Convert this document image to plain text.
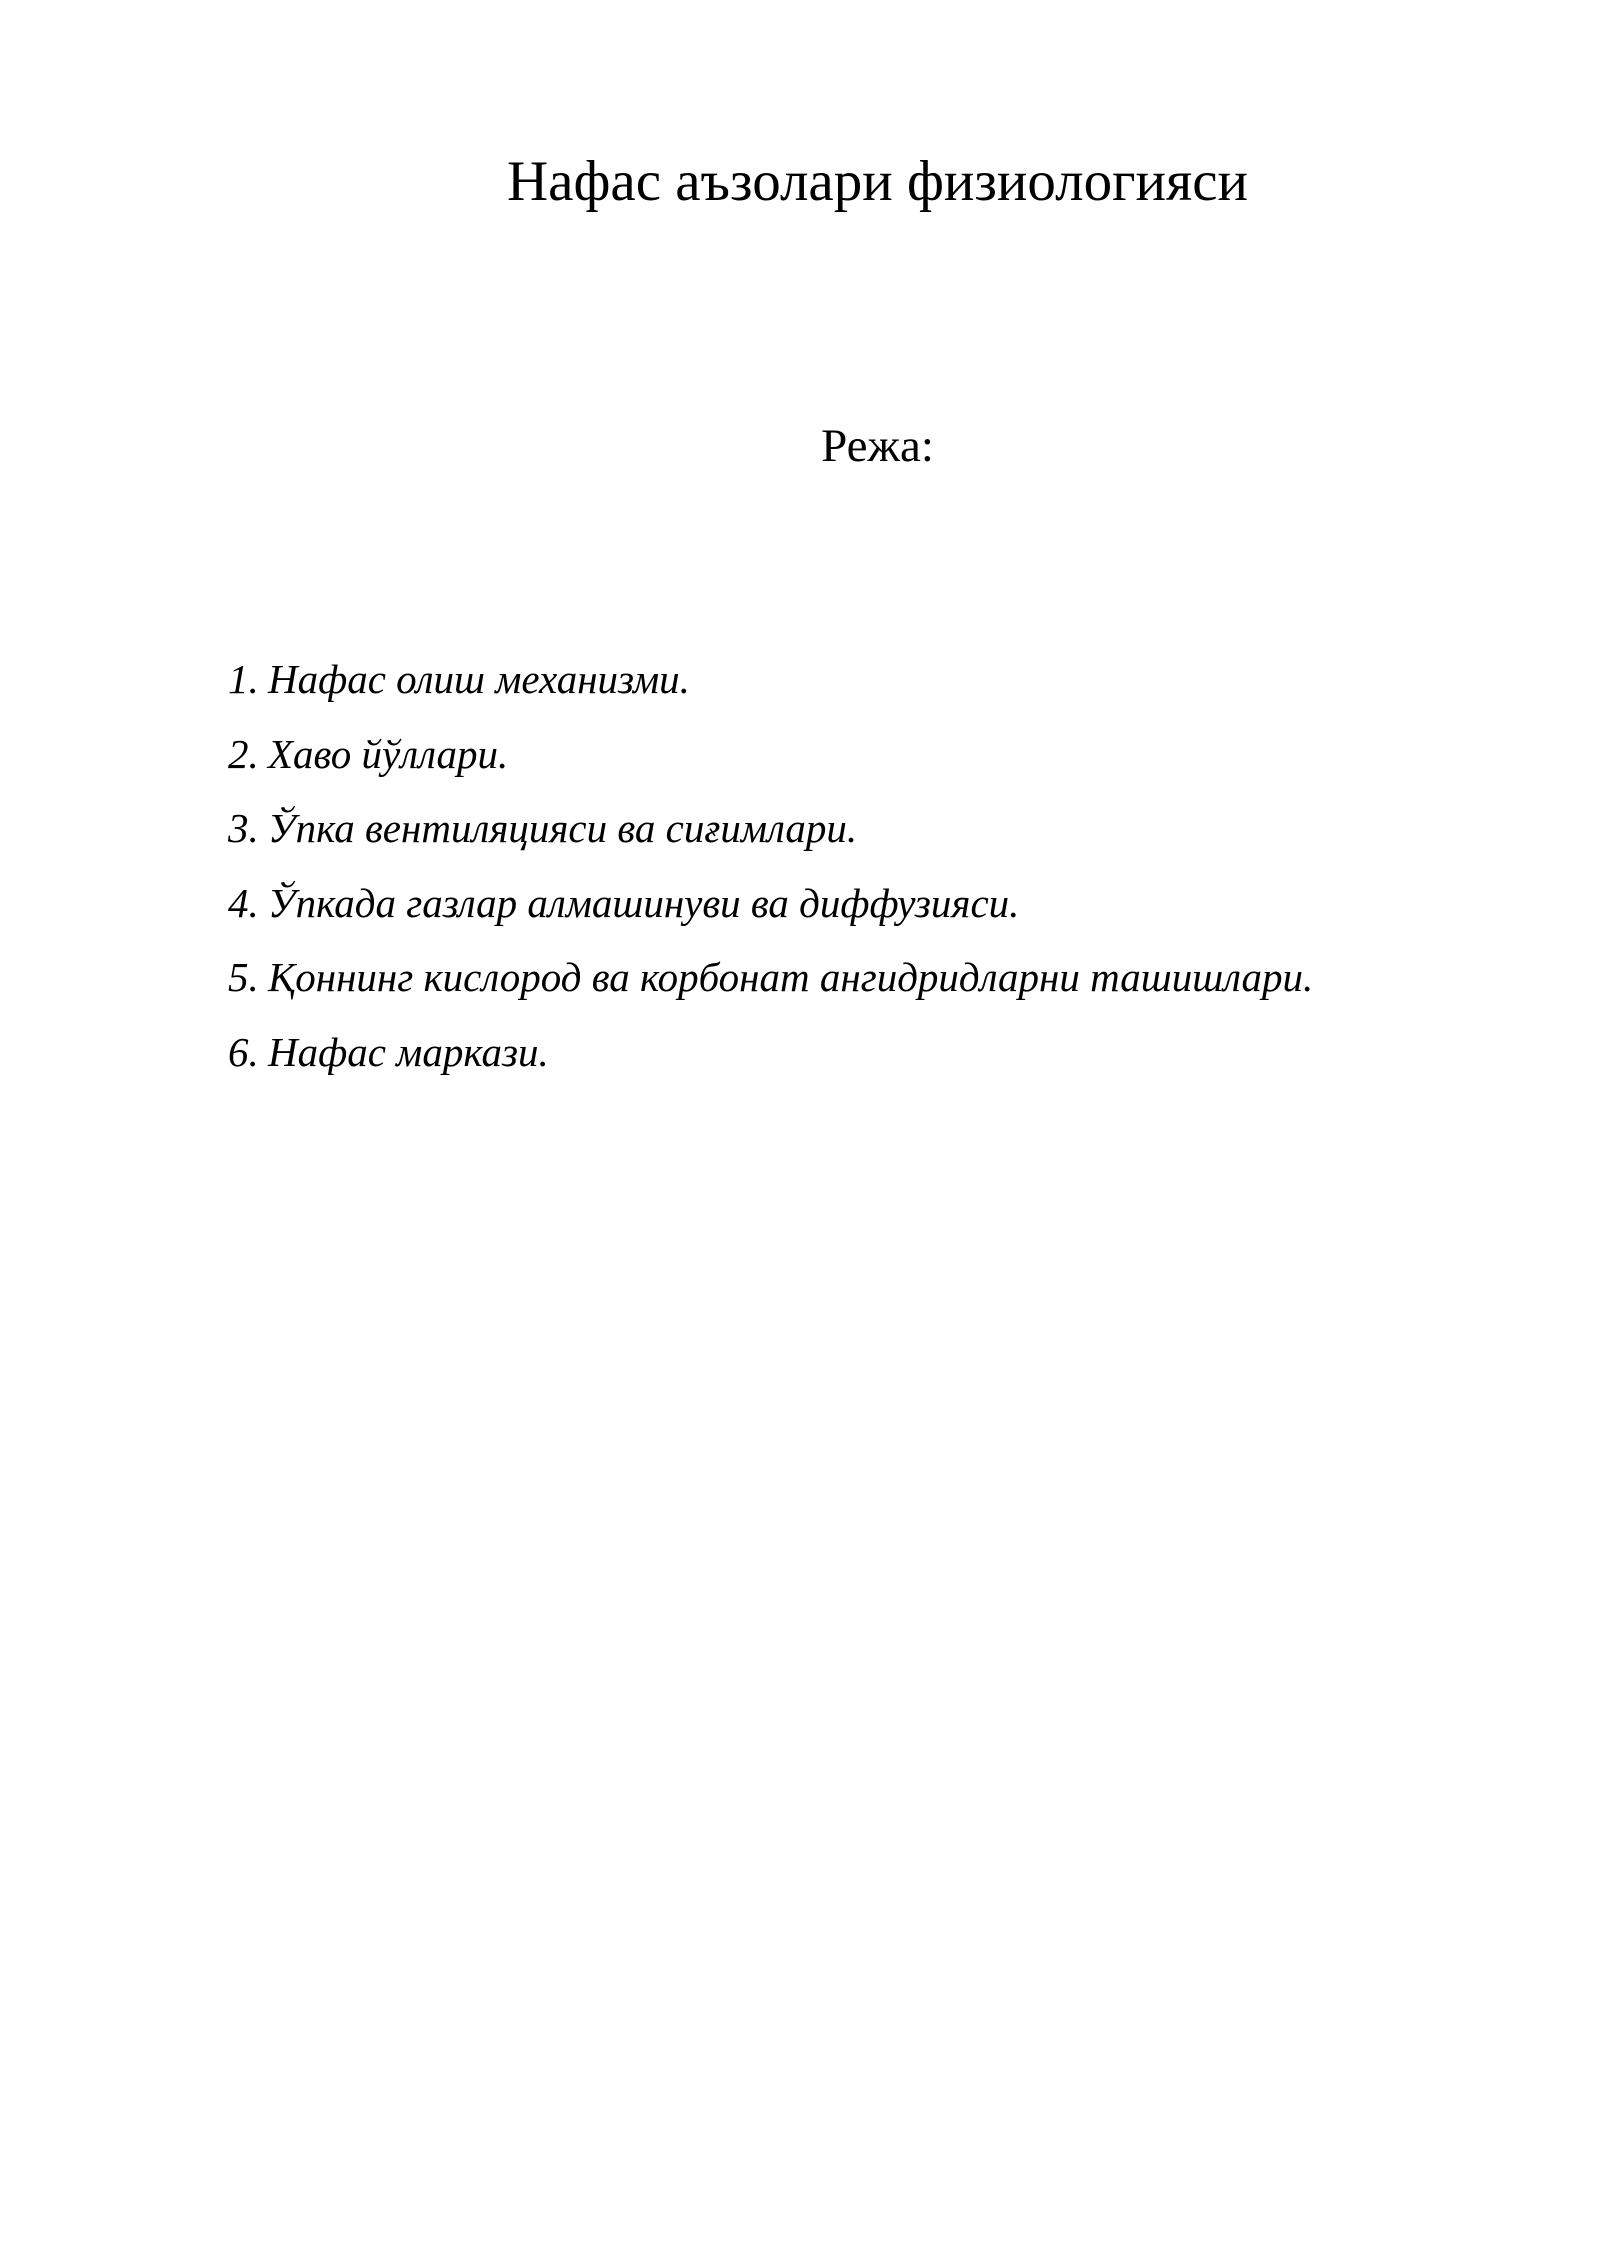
Нафас аъзолари физиологияси
Режа:
1. Нафас олиш механизми.
2. Хаво йўллари.
3. Ўпка вентиляцияси ва сиғимлари.
4. Ўпкада газлар алмашинуви ва диффузияси.
5. Қоннинг кислород ва корбонат ангидридларни ташишлари.
6. Нафас маркази.
